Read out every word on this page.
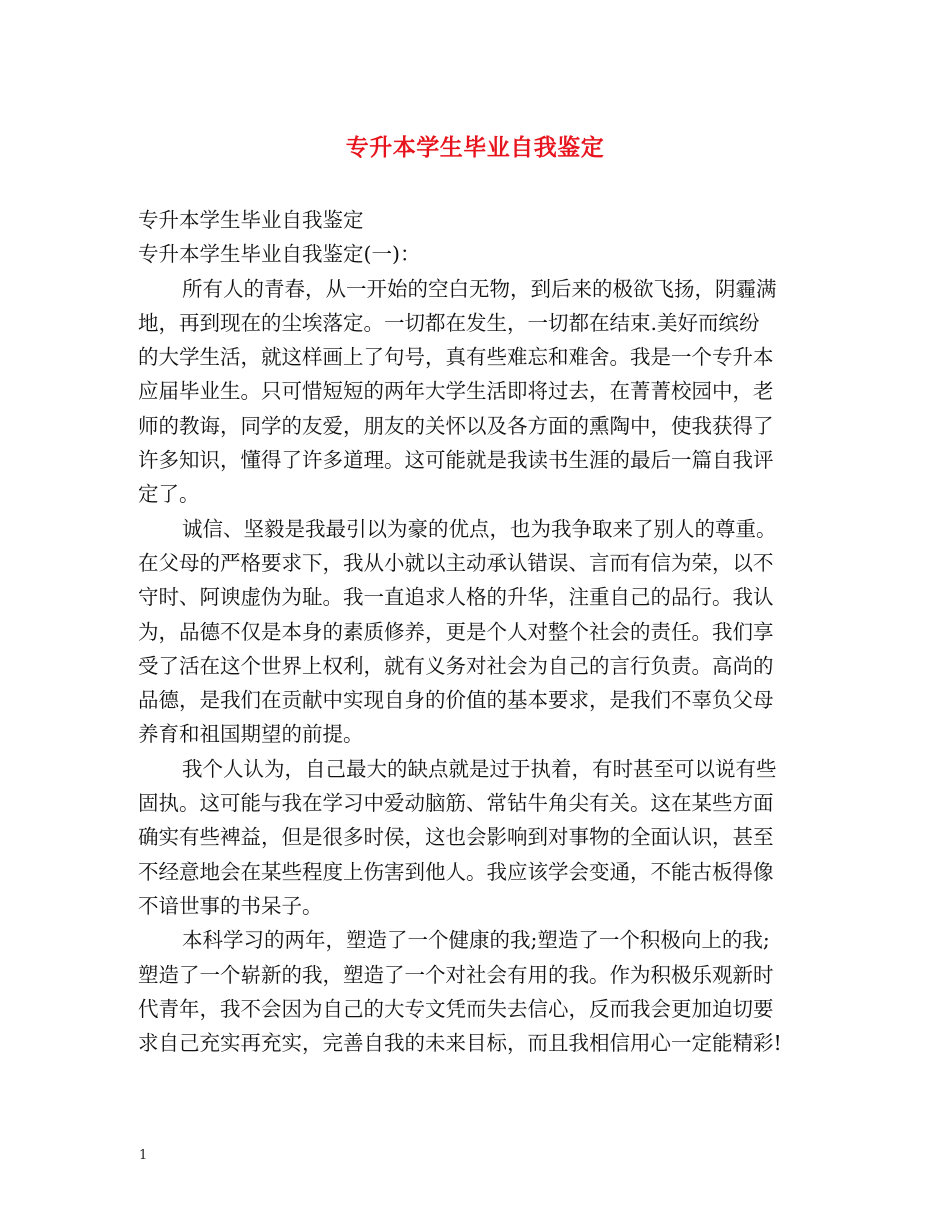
专升本学生毕业自我鉴定
专升本学生毕业自我鉴定
专升本学生毕业自我鉴定(一)：
所有人的青春，从一开始的空白无物，到后来的极欲飞扬，阴霾满
地，再到现在的尘埃落定。一切都在发生，一切都在结束.美好而缤纷
的大学生活，就这样画上了句号，真有些难忘和难舍。我是一个专升本
应届毕业生。只可惜短短的两年大学生活即将过去，在菁菁校园中，老
师的教诲，同学的友爱，朋友的关怀以及各方面的熏陶中，使我获得了
许多知识，懂得了许多道理。这可能就是我读书生涯的最后一篇自我评
定了。
诚信、坚毅是我最引以为豪的优点，也为我争取来了别人的尊重。
在父母的严格要求下，我从小就以主动承认错误、言而有信为荣，以不
守时、阿谀虚伪为耻。我一直追求人格的升华，注重自己的品行。我认
为，品德不仅是本身的素质修养，更是个人对整个社会的责任。我们享
受了活在这个世界上权利，就有义务对社会为自己的言行负责。高尚的
品德，是我们在贡献中实现自身的价值的基本要求，是我们不辜负父母
养育和祖国期望的前提。
我个人认为，自己最大的缺点就是过于执着，有时甚至可以说有些
固执。这可能与我在学习中爱动脑筋、常钻牛角尖有关。这在某些方面
确实有些裨益，但是很多时侯，这也会影响到对事物的全面认识，甚至
不经意地会在某些程度上伤害到他人。我应该学会变通，不能古板得像
不谙世事的书呆子。
本科学习的两年，塑造了一个健康的我;塑造了一个积极向上的我;
塑造了一个崭新的我，塑造了一个对社会有用的我。作为积极乐观新时
代青年，我不会因为自己的大专文凭而失去信心，反而我会更加迫切要
求自己充实再充实，完善自我的未来目标，而且我相信用心一定能精彩!
1
